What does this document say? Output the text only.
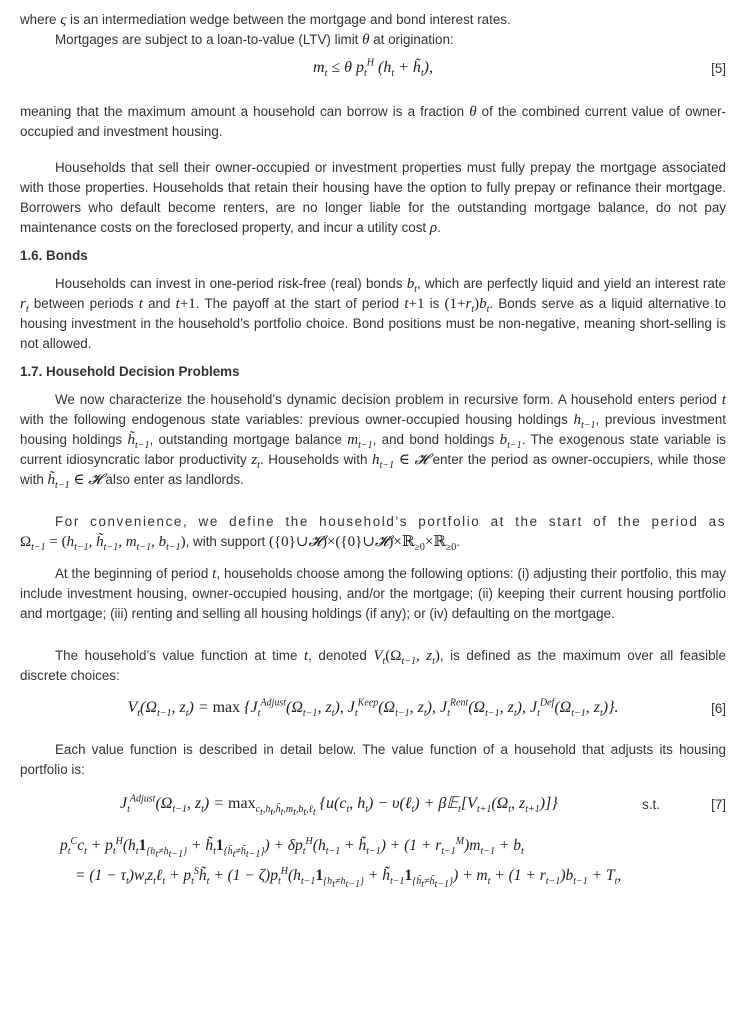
where ς is an intermediation wedge between the mortgage and bond interest rates.

Mortgages are subject to a loan-to-value (LTV) limit θ at origination:

$m_t \le \theta$ $p_t^H$ ($h_t$ + $h̃_t$),	[5]

meaning that the maximum amount a household can borrow is a fraction θ of the combined current value of owner-occupied and investment housing.

Households that sell their owner-occupied or investment properties must fully prepay the mortgage associated with those properties. Households that retain their housing have the option to fully prepay or refinance their mortgage. Borrowers who default become renters, are no longer liable for the outstanding mortgage balance, do not pay maintenance costs on the foreclosed property, and incur a utility cost ρ.

1.6. Bonds

Households can invest in one-period risk-free (real) bonds $b_t$, which are perfectly liquid and yield an interest rate $r_t$ between periods t and t+1. The payoff at the start of period t+1 is $(1+r_t)b_t$. Bonds serve as a liquid alternative to housing investment in the household’s portfolio choice. Bond positions must be non-negative, meaning short-selling is not allowed.

1.7. Household Decision Problems

We now characterize the household’s dynamic decision problem in recursive form. A household enters period t with the following endogenous state variables: previous owner-occupied housing holdings $h_{t-1}$, previous investment housing holdings $h̃_{t-1}$, outstanding mortgage balance $m_{t-1}$, and bond holdings $b_{t-1}$. The exogenous state variable is current idiosyncratic labor productivity $z_t$. Households with $h_{t-1}$ ∈ 𝓗 enter the period as owner-occupiers, while those with $h̃_{t-1}$ ∈ 𝓗 also enter as landlords.

For convenience, we define the household’s portfolio at the start of the period as $\Omega_{t-1} = (h_{t-1}$, $h̃_{t-1}$, $m_{t-1}$, $b_{t-1}$), with support ({0}∪𝓗)×({0}∪𝓗)×ℝ$_{\ge 0}$×ℝ$_{\ge 0}$.

At the beginning of period t, households choose among the following options: (i) adjusting their portfolio, this may include investment housing, owner-occupied housing, and/or the mortgage; (ii) keeping their current housing portfolio and mortgage; (iii) renting and selling all housing holdings (if any); or (iv) defaulting on the mortgage.

The household’s value function at time t, denoted $V_t(\Omega_{t-1}$, $z_t$), is defined as the maximum over all feasible discrete choices:

$V_t(\Omega_{t-1}$, $z_t) = \max \{J_t^{Adjust}(\Omega_{t-1}$, $z_t$), $J_t^{Keep}(\Omega_{t-1}$, $z_t$), $J_t^{Rent}(\Omega_{t-1}$, $z_t$), $J_t^{Def}(\Omega_{t-1}$, $z_t$)}.	[6]

Each value function is described in detail below. The value function of a household that adjusts its housing portfolio is:

$J_t^{Adjust}(\Omega_{t-1}$, $z_t) = \max_{c_t,h_t,h̃_t,m_t,b_t,\ell_t} \{u(c_t$, $h_t$) − υ(ℓ$_t$) + $\beta 𝔼_t[V_{t+1}(\Omega_t$, $z_{t+1}$)]}	s.t.	[7]
$p_t^Cc_t + p_t^H(h_t1_{\{h_t\ne h_{t-1}\}}$ + $h̃_t1_{\{h̃_t\ne h̃_{t-1}\}}) + \delta p_t^H(h_{t-1}$ + $h̃_{t-1}) + (1 + r_{t-1}^M)m_{t-1} + b_t$
= $(1 - \tau_t)w_tz_t\ell_t$ + $p_t^Sh̃_t + (1 - \zeta)p_t^H(h_{t-1}1_{\{h_t\ne h_{t-1}\}}$ + $h̃_{t-1}1_{\{h̃_t\ne h̃_{t-1}\}}) + m_t + (1 + r_{t-1})b_{t-1} + T_t$,
